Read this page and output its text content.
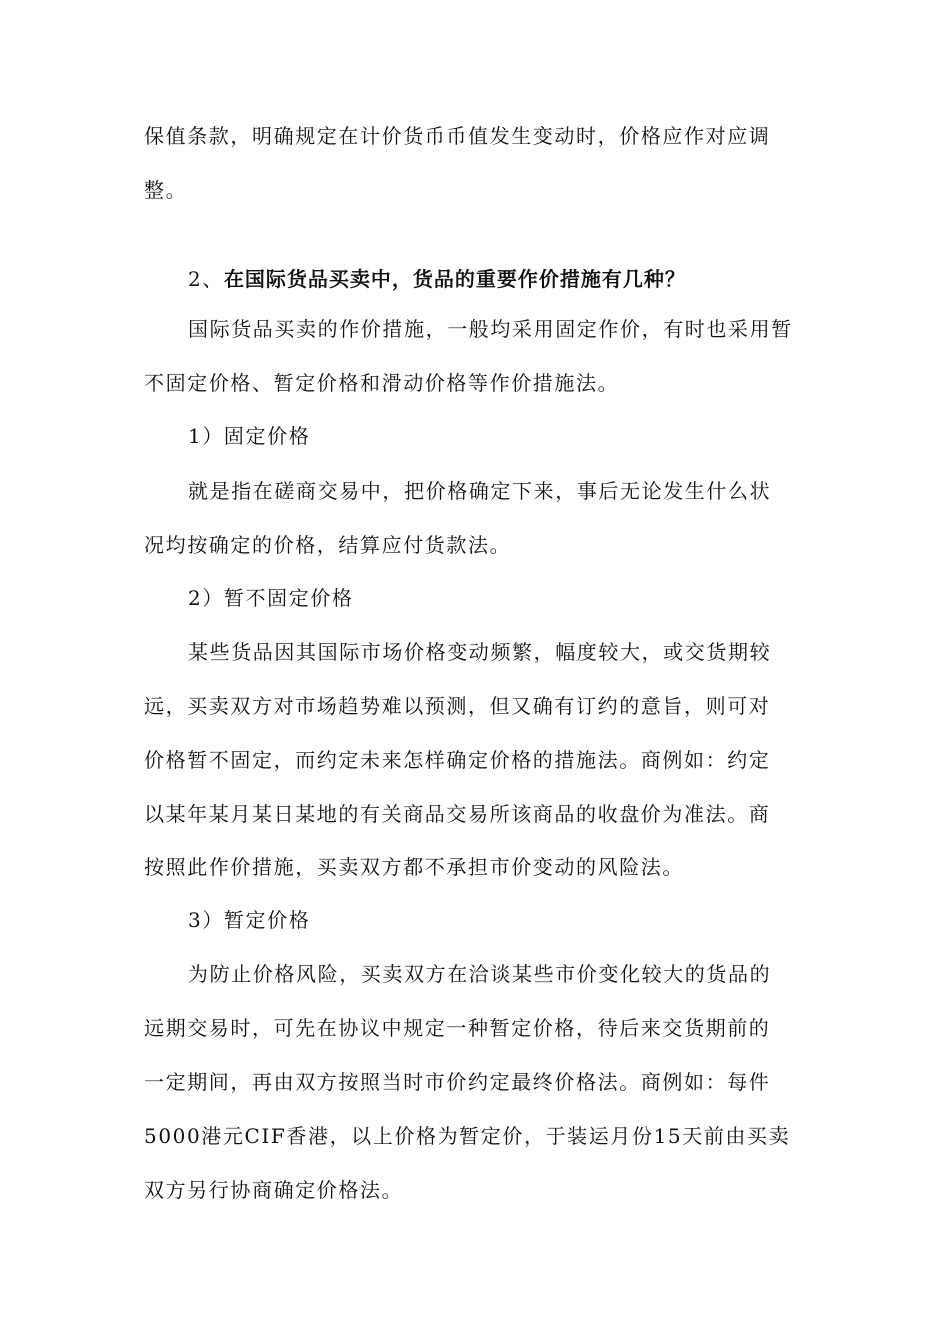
保值条款，明确规定在计价货币币值发生变动时，价格应作对应调
整。
2、在国际货品买卖中，货品的重要作价措施有几种？
国际货品买卖的作价措施，一般均采用固定作价，有时也采用暂
不固定价格、暂定价格和滑动价格等作价措施法。
1）固定价格
就是指在磋商交易中，把价格确定下来，事后无论发生什么状
况均按确定的价格，结算应付货款法。
2）暂不固定价格
某些货品因其国际市场价格变动频繁，幅度较大，或交货期较
远，买卖双方对市场趋势难以预测，但又确有订约的意旨，则可对
价格暂不固定，而约定未来怎样确定价格的措施法。商例如：约定
以某年某月某日某地的有关商品交易所该商品的收盘价为准法。商
按照此作价措施，买卖双方都不承担市价变动的风险法。
3）暂定价格
为防止价格风险，买卖双方在洽谈某些市价变化较大的货品的
远期交易时，可先在协议中规定一种暂定价格，待后来交货期前的
一定期间，再由双方按照当时市价约定最终价格法。商例如：每件
5000港元CIF香港，以上价格为暂定价，于装运月份15天前由买卖
双方另行协商确定价格法。
